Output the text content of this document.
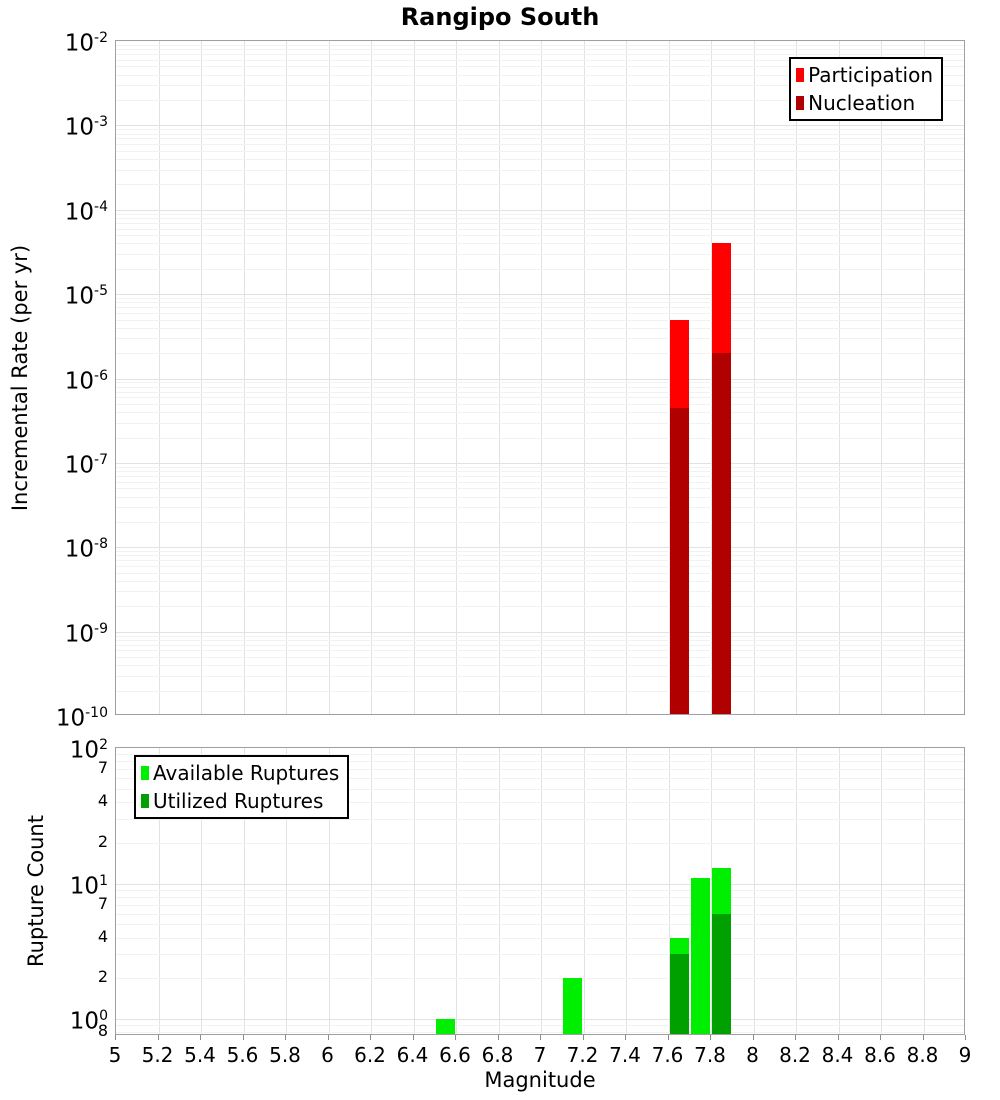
Rangipo South
Incremental Rate (per yr)
Rupture Count
Participation
Nucleation
Available Ruptures
Utilized Ruptures
$10^{-2}$
$10^{-3}$
$10^{-4}$
$10^{-5}$
$10^{-6}$
$10^{-7}$
$10^{-8}$
$10^{-9}$
$10^{-10}$
$10^2$
$10^1$
$10^0$
7
4
2
7
4
2
8
5 5.2 5.4 5.6 5.8 6 6.2 6.4 6.6 6.8 7 7.2 7.4 7.6 7.8 8 8.2 8.4 8.6 8.8 9
Magnitude
